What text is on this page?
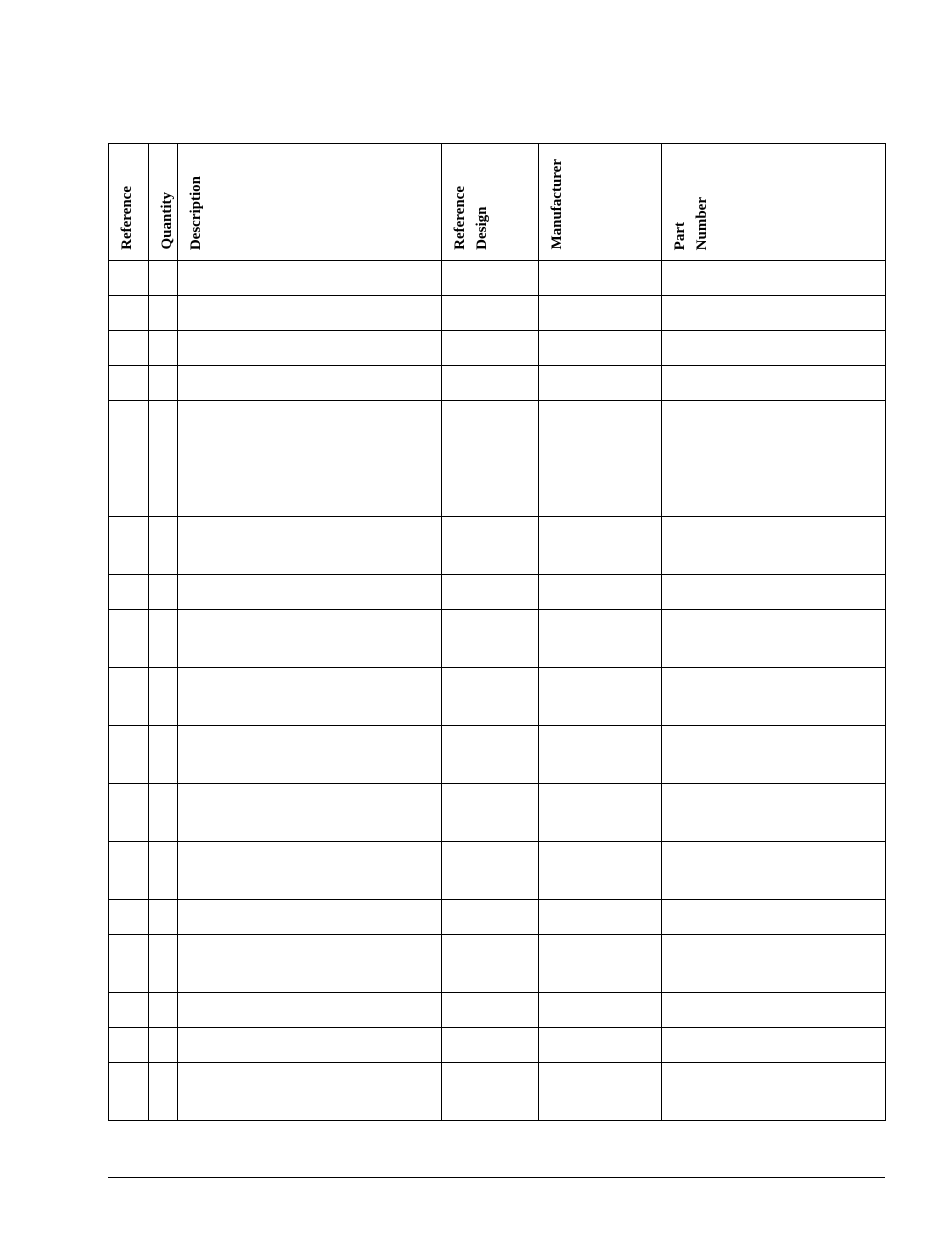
Reference	Quantity	Description	Reference Design	Manufacturer	Part Number
